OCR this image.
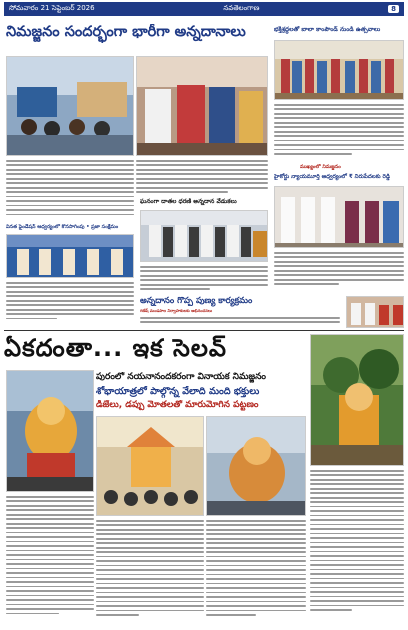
సోమవారం 21 సెప్టెంబర్ 2026	నవతెలంగాణ	8
నిమజ్జనం సందర్భంగా భారీగా అన్నదానాలు	భక్తిశ్రద్ధలతో బాలా కాంపౌండ్ నుండి ఉత్సవాలు
ఘనంగా దాతల ధరణి అన్నదాన వేడుకలు
వినత ఫైండేషన్ ఆధ్వర్యంలో కొనసాగింపు • ప్రజా సంక్షేమం
ముఖ్యంలో నిమజ్జనం
హైకోర్టు న్యాయమూర్తి ఆధ్వర్యంలో ₹ నిరుపేదలకు రెడ్డి
అన్నదానం గొప్ప పుణ్య కార్యక్రమం
గణేష్ మండపాల నిర్వాహకులకు అభినందనలు
ఏకదంతా... ఇక సెలవ్
పురంలో నయనానందకరంగా వినాయక నిమజ్జనం
శోభాయాత్రలో పాల్గొన్న వేలాది మంది భక్తులు
డీజేలు, డప్పు మోతలతో మారుమోగిన పట్టణం
